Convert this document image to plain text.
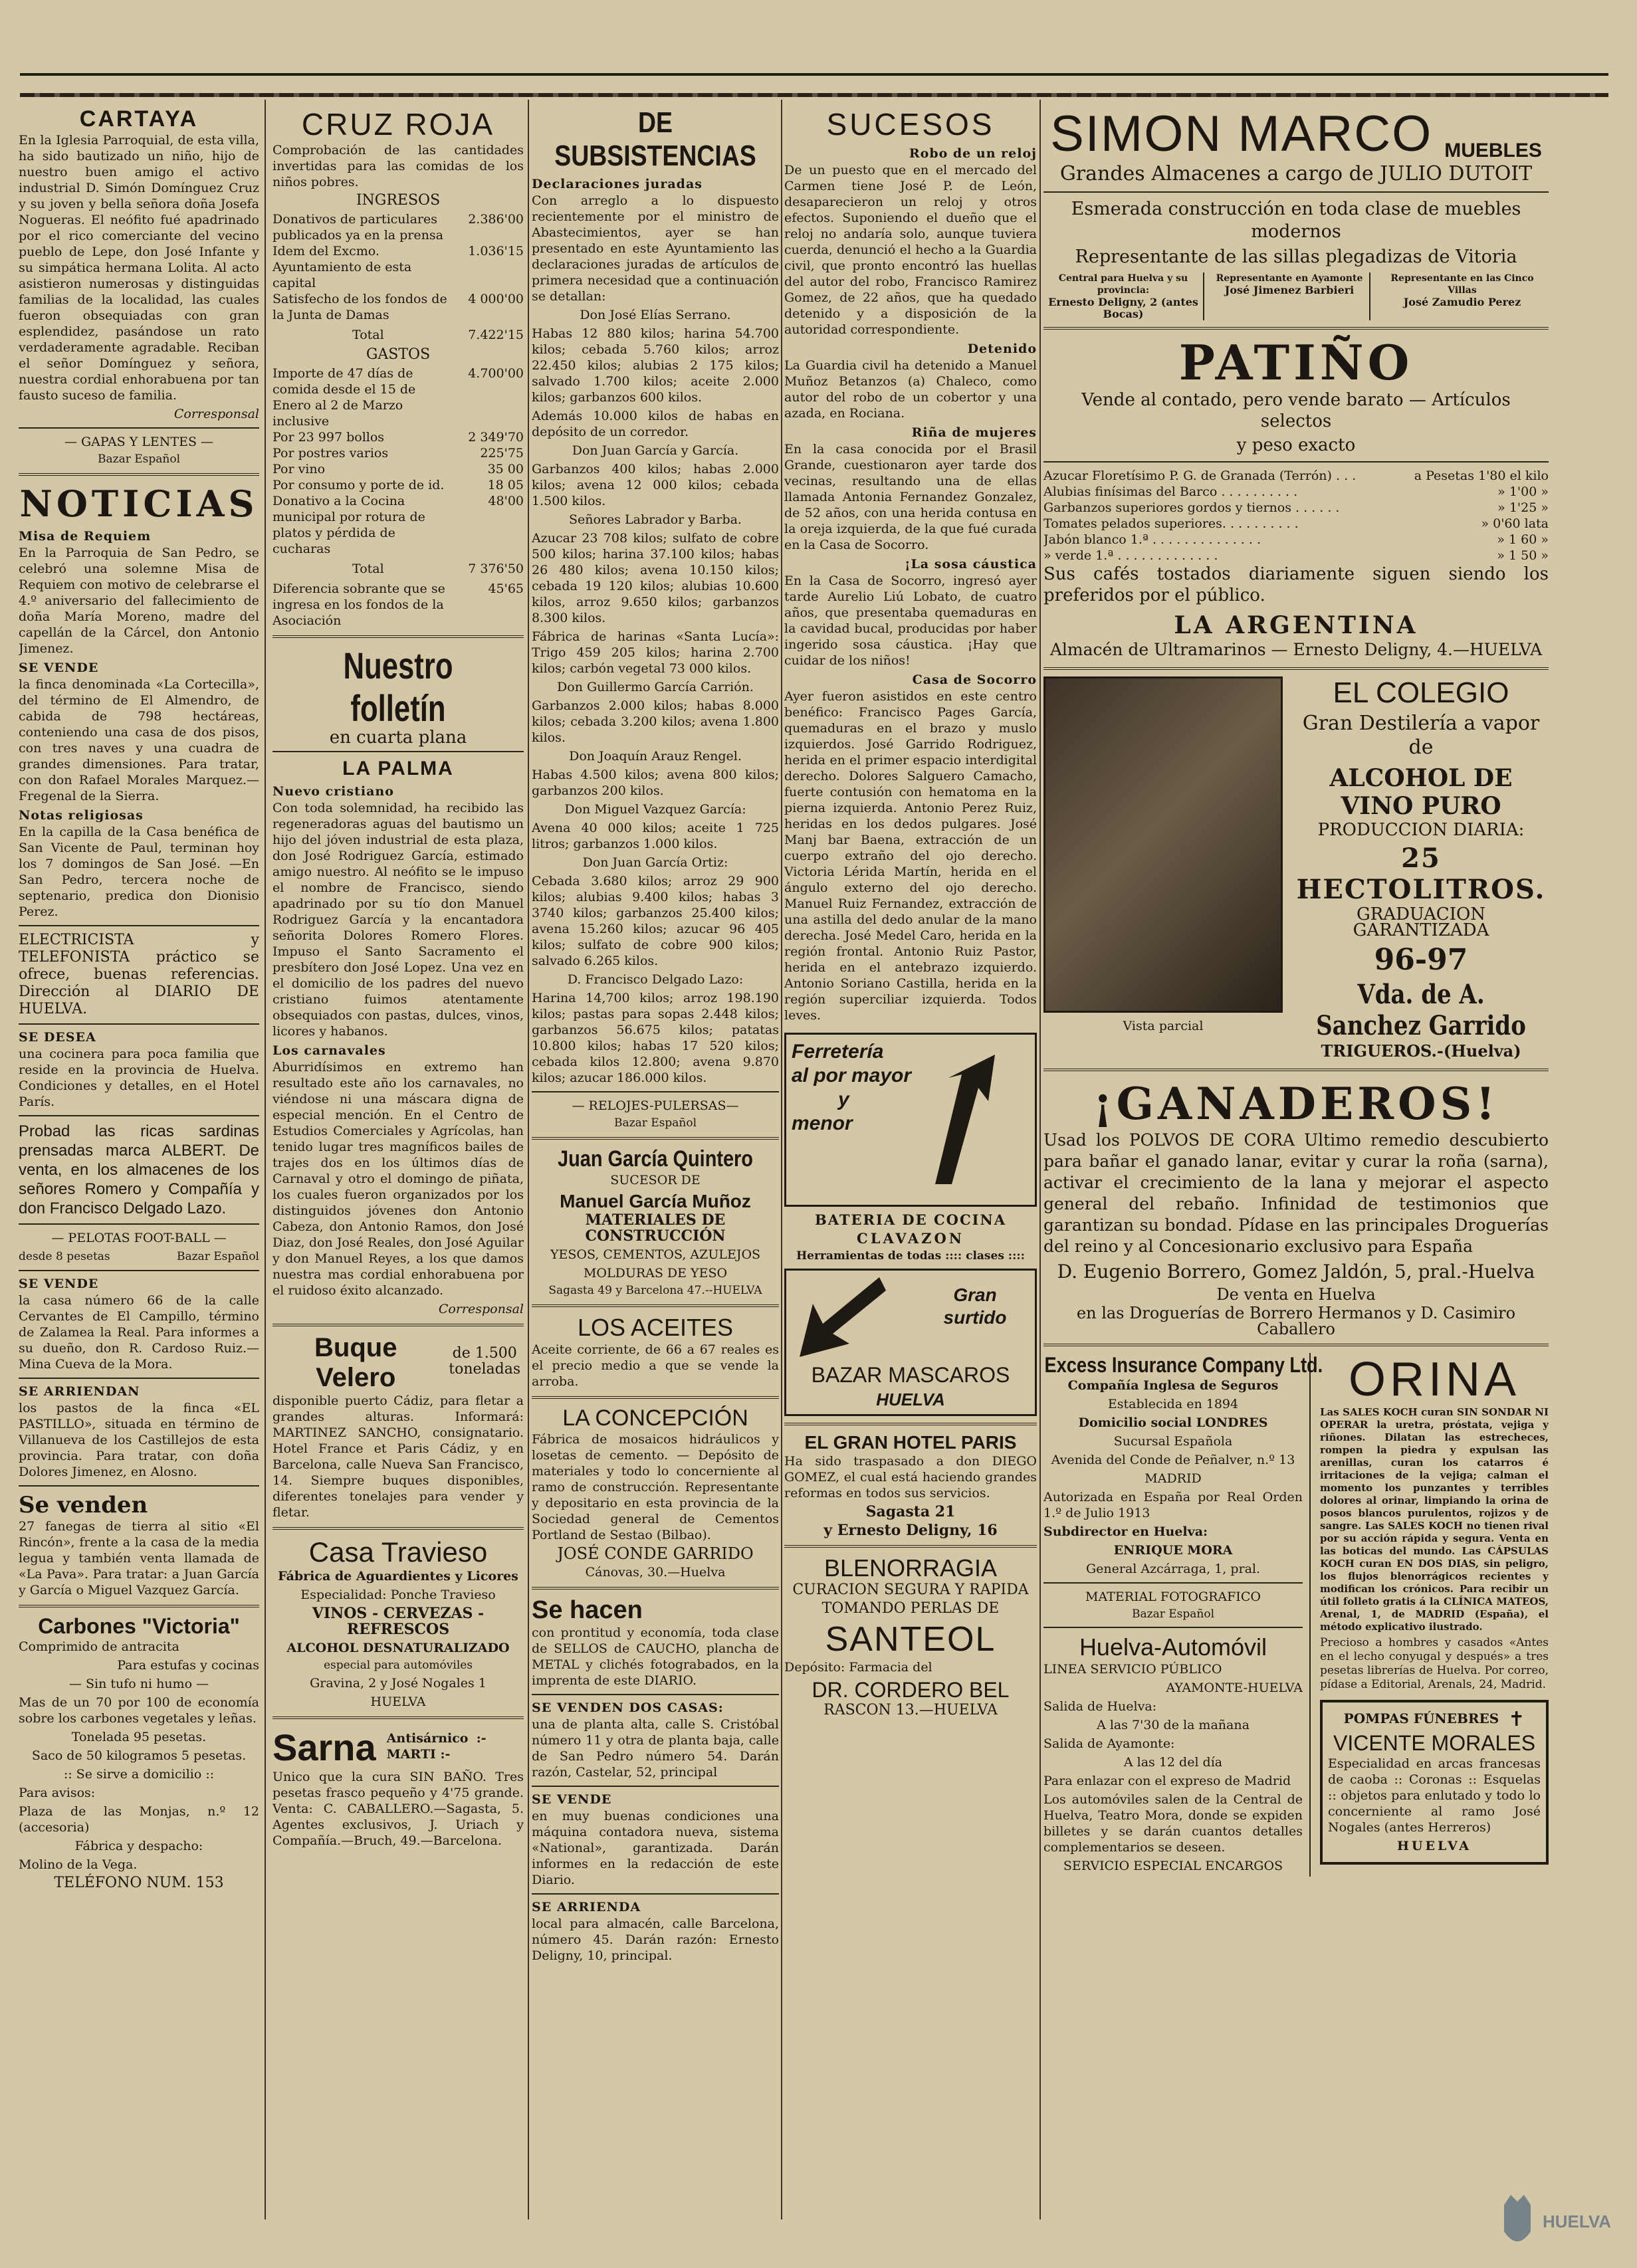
CARTAYA
En la Iglesia Parroquial, de esta villa, ha sido bautizado un niño, hijo de nuestro buen amigo el activo industrial D. Simón Domínguez Cruz y su joven y bella señora doña Josefa Nogueras. El neófito fué apadrinado por el rico comerciante del vecino pueblo de Lepe, don José Infante y su simpática hermana Lolita. Al acto asistieron numerosas y distinguidas familias de la localidad, las cuales fueron obsequiadas con gran esplendidez, pasándose un rato verdaderamente agradable. Reciban el señor Domínguez y señora, nuestra cordial enhorabuena por tan fausto suceso de familia.
Corresponsal
— GAPAS Y LENTES —
Bazar Español
NOTICIAS
Misa de Requiem
En la Parroquia de San Pedro, se celebró una solemne Misa de Requiem con motivo de celebrarse el 4.º aniversario del fallecimiento de doña María Moreno, madre del capellán de la Cárcel, don Antonio Jimenez.
SE VENDE
la finca denominada «La Cortecilla», del término de El Almendro, de cabida de 798 hectáreas, conteniendo una casa de dos pisos, con tres naves y una cuadra de grandes dimensiones. Para tratar, con don Rafael Morales Marquez.—Fregenal de la Sierra.
Notas religiosas
En la capilla de la Casa benéfica de San Vicente de Paul, terminan hoy los 7 domingos de San José. —En San Pedro, tercera noche de septenario, predica don Dionisio Perez.
ELECTRICISTA y TELEFONISTA práctico se ofrece, buenas referencias. Dirección al DIARIO DE HUELVA.
SE DESEA
una cocinera para poca familia que reside en la provincia de Huelva. Condiciones y detalles, en el Hotel París.
Probad las ricas sardinas prensadas marca ALBERT. De venta, en los almacenes de los señores Romero y Compañía y don Francisco Delgado Lazo.
— PELOTAS FOOT-BALL —
desde 8 pesetas	Bazar Español
SE VENDE
la casa número 66 de la calle Cervantes de El Campillo, término de Zalamea la Real. Para informes a su dueño, don R. Cardoso Ruiz.—Mina Cueva de la Mora.
SE ARRIENDAN
los pastos de la finca «EL PASTILLO», situada en término de Villanueva de los Castillejos de esta provincia. Para tratar, con doña Dolores Jimenez, en Alosno.
Se venden
27 fanegas de tierra al sitio «El Rincón», frente a la casa de la media legua y también venta llamada de «La Pava». Para tratar: a Juan García y García o Miguel Vazquez García.
Carbones "Victoria"
Comprimido de antracita
Para estufas y cocinas
— Sin tufo ni humo —
Mas de un 70 por 100 de economía sobre los carbones vegetales y leñas.
Tonelada 95 pesetas.
Saco de 50 kilogramos 5 pesetas.
:: Se sirve a domicilio ::
Para avisos:
Plaza de las Monjas, n.º 12 (accesoria)
Fábrica y despacho:
Molino de la Vega.
TELÉFONO NUM. 153
CRUZ ROJA
Comprobación de las cantidades invertidas para las comidas de los niños pobres.
INGRESOS
Donativos de particulares publicados ya en la prensa
2.386'00
Idem del Excmo. Ayuntamiento de esta capital
1.036'15
Satisfecho de los fondos de la Junta de Damas
4 000'00
Total	7.422'15
GASTOS
Importe de 47 días de comida desde el 15 de Enero al 2 de Marzo inclusive
4.700'00
Por 23 997 bollos	2 349'70
Por postres varios	225'75
Por vino	35 00
Por consumo y porte de id.	18 05
Donativo a la Cocina municipal por rotura de platos y pérdida de cucharas
48'00
Total	7 376'50
Diferencia sobrante que se ingresa en los fondos de la Asociación
45'65
Nuestro folletín
en cuarta plana
LA PALMA
Nuevo cristiano
Con toda solemnidad, ha recibido las regeneradoras aguas del bautismo un hijo del jóven industrial de esta plaza, don José Rodriguez García, estimado amigo nuestro. Al neófito se le impuso el nombre de Francisco, siendo apadrinado por su tío don Manuel Rodriguez García y la encantadora señorita Dolores Romero Flores. Impuso el Santo Sacramento el presbítero don José Lopez. Una vez en el domicilio de los padres del nuevo cristiano fuimos atentamente obsequiados con pastas, dulces, vinos, licores y habanos.
Los carnavales
Aburridísimos en extremo han resultado este año los carnavales, no viéndose ni una máscara digna de especial mención. En el Centro de Estudios Comerciales y Agrícolas, han tenido lugar tres magníficos bailes de trajes dos en los últimos días de Carnaval y otro el domingo de piñata, los cuales fueron organizados por los distinguidos jóvenes don Antonio Cabeza, don Antonio Ramos, don José Diaz, don José Reales, don José Aguilar y don Manuel Reyes, a los que damos nuestra mas cordial enhorabuena por el ruidoso éxito alcanzado.
Corresponsal
Buque Velero
de 1.500 toneladas
disponible puerto Cádiz, para fletar a grandes alturas. Informará: MARTINEZ SANCHO, consignatario. Hotel France et Paris Cádiz, y en Barcelona, calle Nueva San Francisco, 14. Siempre buques disponibles, diferentes tonelajes para vender y fletar.
Casa Travieso
Fábrica de Aguardientes y Licores
Especialidad: Ponche Travieso
VINOS - CERVEZAS - REFRESCOS
ALCOHOL DESNATURALIZADO
especial para automóviles
Gravina, 2 y José Nogales 1
HUELVA
Sarna Antisárnico :- MARTI :-
Unico que la cura SIN BAÑO. Tres pesetas frasco pequeño y 4'75 grande. Venta: C. CABALLERO.—Sagasta, 5. Agentes exclusivos, J. Uriach y Compañía.—Bruch, 49.—Barcelona.
DE SUBSISTENCIAS
Declaraciones juradas
Con arreglo a lo dispuesto recientemente por el ministro de Abastecimientos, ayer se han presentado en este Ayuntamiento las declaraciones juradas de artículos de primera necesidad que a continuación se detallan:
Don José Elías Serrano.
Habas 12 880 kilos; harina 54.700 kilos; cebada 5.760 kilos; arroz 22.450 kilos; alubias 2 175 kilos; salvado 1.700 kilos; aceite 2.000 kilos; garbanzos 600 kilos.
Además 10.000 kilos de habas en depósito de un corredor.
Don Juan García y García.
Garbanzos 400 kilos; habas 2.000 kilos; avena 12 000 kilos; cebada 1.500 kilos.
Señores Labrador y Barba.
Azucar 23 708 kilos; sulfato de cobre 500 kilos; harina 37.100 kilos; habas 26 480 kilos; avena 10.150 kilos; cebada 19 120 kilos; alubias 10.600 kilos, arroz 9.650 kilos; garbanzos 8.300 kilos.
Fábrica de harinas «Santa Lucía»: Trigo 459 205 kilos; harina 2.700 kilos; carbón vegetal 73 000 kilos.
Don Guillermo García Carrión.
Garbanzos 2.000 kilos; habas 8.000 kilos; cebada 3.200 kilos; avena 1.800 kilos.
Don Joaquín Arauz Rengel.
Habas 4.500 kilos; avena 800 kilos; garbanzos 200 kilos.
Don Miguel Vazquez García:
Avena 40 000 kilos; aceite 1 725 litros; garbanzos 1.000 kilos.
Don Juan García Ortiz:
Cebada 3.680 kilos; arroz 29 900 kilos; alubias 9.400 kilos; habas 3 3740 kilos; garbanzos 25.400 kilos; avena 15.260 kilos; azucar 96 405 kilos; sulfato de cobre 900 kilos; salvado 6.265 kilos.
D. Francisco Delgado Lazo:
Harina 14,700 kilos; arroz 198.190 kilos; pastas para sopas 2.448 kilos; garbanzos 56.675 kilos; patatas 10.800 kilos; habas 17 520 kilos; cebada kilos 12.800; avena 9.870 kilos; azucar 186.000 kilos.
— RELOJES-PULERSAS—
Bazar Español
Juan García Quintero
SUCESOR DE
Manuel García Muñoz
MATERIALES DE CONSTRUCCIÓN
YESOS, CEMENTOS, AZULEJOS
MOLDURAS DE YESO
Sagasta 49 y Barcelona 47.--HUELVA
LOS ACEITES
Aceite corriente, de 66 a 67 reales es el precio medio a que se vende la arroba.
LA CONCEPCIÓN
Fábrica de mosaicos hidráulicos y losetas de cemento. — Depósito de materiales y todo lo concerniente al ramo de construcción. Representante y depositario en esta provincia de la Sociedad general de Cementos Portland de Sestao (Bilbao).
JOSÉ CONDE GARRIDO
Cánovas, 30.—Huelva
Se hacen
con prontitud y economía, toda clase de SELLOS de CAUCHO, plancha de METAL y clichés fotograbados, en la imprenta de este DIARIO.
SE VENDEN DOS CASAS:
una de planta alta, calle S. Cristóbal número 11 y otra de planta baja, calle de San Pedro número 54. Darán razón, Castelar, 52, principal
SE VENDE
en muy buenas condiciones una máquina contadora nueva, sistema «National», garantizada. Darán informes en la redacción de este Diario.
SE ARRIENDA
local para almacén, calle Barcelona, número 45. Darán razón: Ernesto Deligny, 10, principal.
SUCESOS
Robo de un reloj
De un puesto que en el mercado del Carmen tiene José P. de León, desaparecieron un reloj y otros efectos. Suponiendo el dueño que el reloj no andaría solo, aunque tuviera cuerda, denunció el hecho a la Guardia civil, que pronto encontró las huellas del autor del robo, Francisco Ramirez Gomez, de 22 años, que ha quedado detenido y a disposición de la autoridad correspondiente.
Detenido
La Guardia civil ha detenido a Manuel Muñoz Betanzos (a) Chaleco, como autor del robo de un cobertor y una azada, en Rociana.
Riña de mujeres
En la casa conocida por el Brasil Grande, cuestionaron ayer tarde dos vecinas, resultando una de ellas llamada Antonia Fernandez Gonzalez, de 52 años, con una herida contusa en la oreja izquierda, de la que fué curada en la Casa de Socorro.
¡La sosa cáustica
En la Casa de Socorro, ingresó ayer tarde Aurelio Liú Lobato, de cuatro años, que presentaba quemaduras en la cavidad bucal, producidas por haber ingerido sosa cáustica. ¡Hay que cuidar de los niños!
Casa de Socorro
Ayer fueron asistidos en este centro benéfico: Francisco Pages García, quemaduras en el brazo y muslo izquierdos. José Garrido Rodriguez, herida en el primer espacio interdigital derecho. Dolores Salguero Camacho, fuerte contusión con hematoma en la pierna izquierda. Antonio Perez Ruiz, heridas en los dedos pulgares. José Manj bar Baena, extracción de un cuerpo extraño del ojo derecho. Victoria Lérida Martín, herida en el ángulo externo del ojo derecho. Manuel Ruiz Fernandez, extracción de una astilla del dedo anular de la mano derecha. José Medel Caro, herida en la región frontal. Antonio Ruiz Pastor, herida en el antebrazo izquierdo. Antonio Soriano Castilla, herida en la región superciliar izquierda. Todos leves.
Ferretería
al por mayor
y
menor
BATERIA DE COCINA
CLAVAZON
Herramientas de todas :::: clases ::::
Gran surtido
BAZAR MASCAROS
HUELVA
EL GRAN HOTEL PARIS
Ha sido traspasado a don DIEGO GOMEZ, el cual está haciendo grandes reformas en todos sus servicios.
Sagasta 21
y Ernesto Deligny, 16
BLENORRAGIA
CURACION SEGURA Y RAPIDA
TOMANDO PERLAS DE
SANTEOL
Depósito: Farmacia del
DR. CORDERO BEL
RASCON 13.—HUELVA
SIMON MARCO MUEBLES
Grandes Almacenes a cargo de JULIO DUTOIT
Esmerada construcción en toda clase de muebles modernos
Representante de las sillas plegadizas de Vitoria
Central para Huelva y su provincia:
Ernesto Deligny, 2 (antes Bocas)
Representante en Ayamonte
José Jimenez Barbieri
Representante en las Cinco Villas
José Zamudio Perez
PATIÑO
Vende al contado, pero vende barato — Artículos selectos
y peso exacto
Azucar Floretísimo P. G. de Granada (Terrón) . . .	a Pesetas 1'80 el kilo
Alubias finísimas del Barco . . . . . . . . . .	» 1'00 »
Garbanzos superiores gordos y tiernos . . . . . .	» 1'25 »
Tomates pelados superiores. . . . . . . . . .	» 0'60 lata
Jabón blanco 1.ª . . . . . . . . . . . . . .	» 1 60 »
» verde 1.ª . . . . . . . . . . . . .	» 1 50 »
Sus cafés tostados diariamente siguen siendo los preferidos por el público.
LA ARGENTINA
Almacén de Ultramarinos — Ernesto Deligny, 4.—HUELVA
Vista parcial
EL COLEGIO
Gran Destilería a vapor de
ALCOHOL DE VINO PURO
PRODUCCION DIARIA:
25 HECTOLITROS.
GRADUACION GARANTIZADA
96-97
Vda. de A. Sanchez Garrido
TRIGUEROS.-(Huelva)
¡GANADEROS!
Usad los POLVOS DE CORA Ultimo remedio descubierto para bañar el ganado lanar, evitar y curar la roña (sarna), activar el crecimiento de la lana y mejorar el aspecto general del rebaño. Infinidad de testimonios que garantizan su bondad. Pídase en las principales Droguerías del reino y al Concesionario exclusivo para España
D. Eugenio Borrero, Gomez Jaldón, 5, pral.-Huelva
De venta en Huelva
en las Droguerías de Borrero Hermanos y D. Casimiro Caballero
Excess Insurance Company Ltd.
Compañía Inglesa de Seguros
Establecida en 1894
Domicilio social LONDRES
Sucursal Española
Avenida del Conde de Peñalver, n.º 13
MADRID
Autorizada en España por Real Orden 1.º de Julio 1913
Subdirector en Huelva:
ENRIQUE MORA
General Azcárraga, 1, pral.
MATERIAL FOTOGRAFICO
Bazar Español
Huelva-Automóvil
LINEA SERVICIO PÚBLICO
AYAMONTE-HUELVA
Salida de Huelva:
A las 7'30 de la mañana
Salida de Ayamonte:
A las 12 del día
Para enlazar con el expreso de Madrid
Los automóviles salen de la Central de Huelva, Teatro Mora, donde se expiden billetes y se darán cuantos detalles complementarios se deseen.
SERVICIO ESPECIAL ENCARGOS
ORINA
Las SALES KOCH curan SIN SONDAR NI OPERAR la uretra, próstata, vejiga y riñones. Dilatan las estrecheces, rompen la piedra y expulsan las arenillas, curan los catarros é irritaciones de la vejiga; calman el momento los punzantes y terribles dolores al orinar, limpiando la orina de posos blancos purulentos, rojizos y de sangre. Las SALES KOCH no tienen rival por su acción rápida y segura. Venta en las boticas del mundo. Las CÁPSULAS KOCH curan EN DOS DIAS, sin peligro, los flujos blenorrágicos recientes y modifican los crónicos. Para recibir un útil folleto gratis á la CLÍNICA MATEOS, Arenal, 1, de MADRID (España), el método explicativo ilustrado.
Precioso a hombres y casados «Antes en el lecho conyugal y después» a tres pesetas librerías de Huelva. Por correo, pídase a Editorial, Arenals, 24, Madrid.
POMPAS FÚNEBRES ✝
VICENTE MORALES
Especialidad en arcas francesas de caoba :: Coronas :: Esquelas :: objetos para enlutado y todo lo concerniente al ramo José Nogales (antes Herreros)
HUELVA
HUELVA
